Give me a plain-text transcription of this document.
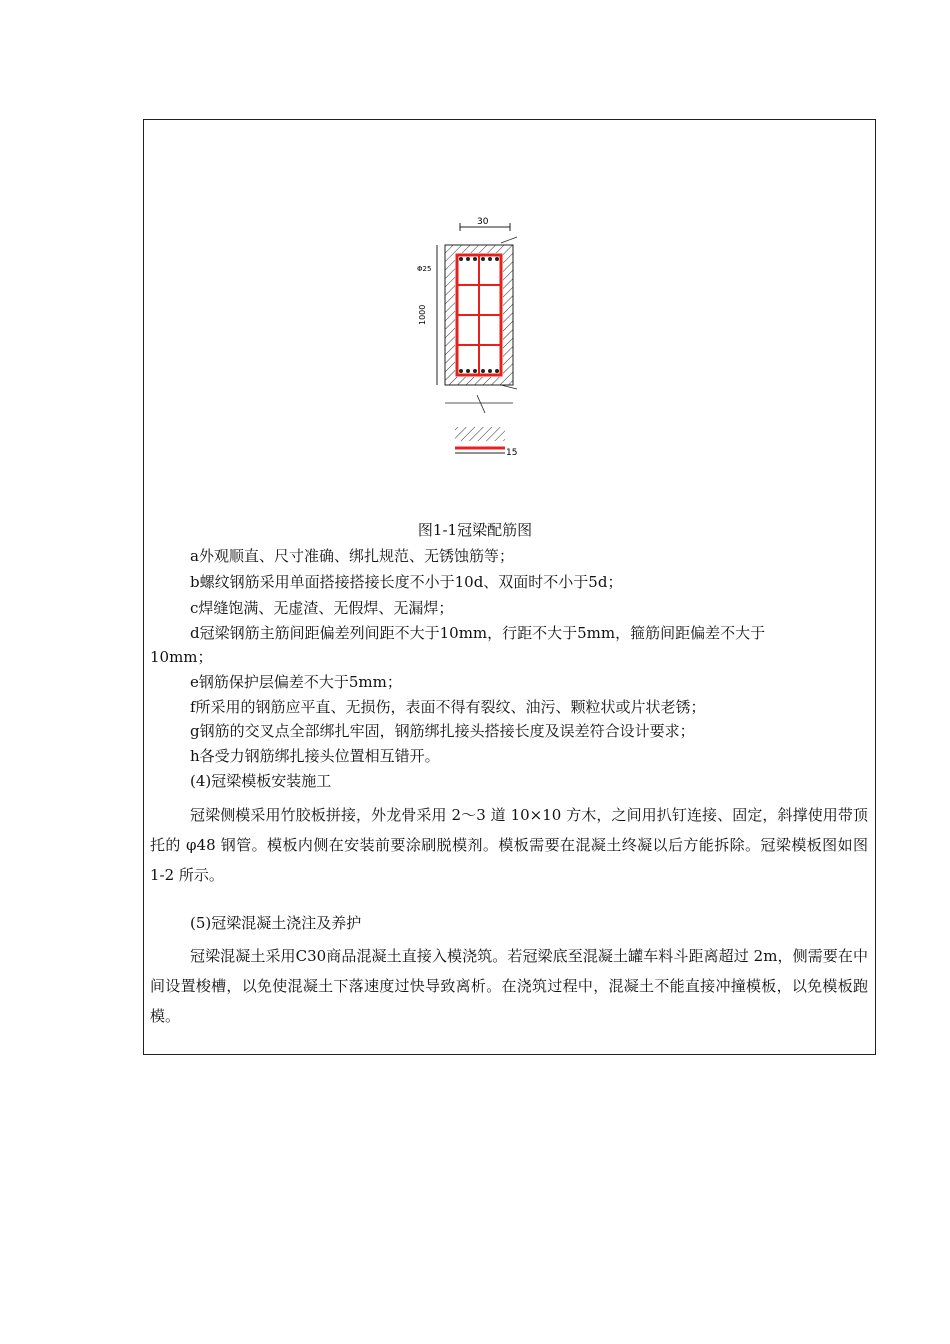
30
1000
Φ25
15
图1-1冠梁配筋图
a外观顺直、尺寸准确、绑扎规范、无锈蚀筋等；
b螺纹钢筋采用单面搭接搭接长度不小于10d、双面时不小于5d；
c焊缝饱满、无虚渣、无假焊、无漏焊；
d冠梁钢筋主筋间距偏差列间距不大于10mm，行距不大于5mm，箍筋间距偏差不大于
10mm；
e钢筋保护层偏差不大于5mm；
f所采用的钢筋应平直、无损伤，表面不得有裂纹、油污、颗粒状或片状老锈；
g钢筋的交叉点全部绑扎牢固，钢筋绑扎接头搭接长度及误差符合设计要求；
h各受力钢筋绑扎接头位置相互错开。
(4)冠梁模板安装施工
冠梁侧模采用竹胶板拼接，外龙骨采用 2～3 道 10×10 方木，之间用扒钉连接、固定，斜撑使用带顶托的 φ48 钢管。模板内侧在安装前要涂刷脱模剂。模板需要在混凝土终凝以后方能拆除。冠梁模板图如图 1-2 所示。
(5)冠梁混凝土浇注及养护
冠梁混凝土采用C30商品混凝土直接入模浇筑。若冠梁底至混凝土罐车料斗距离超过 2m，侧需要在中间设置梭槽，以免使混凝土下落速度过快导致离析。在浇筑过程中，混凝土不能直接冲撞模板，以免模板跑模。
